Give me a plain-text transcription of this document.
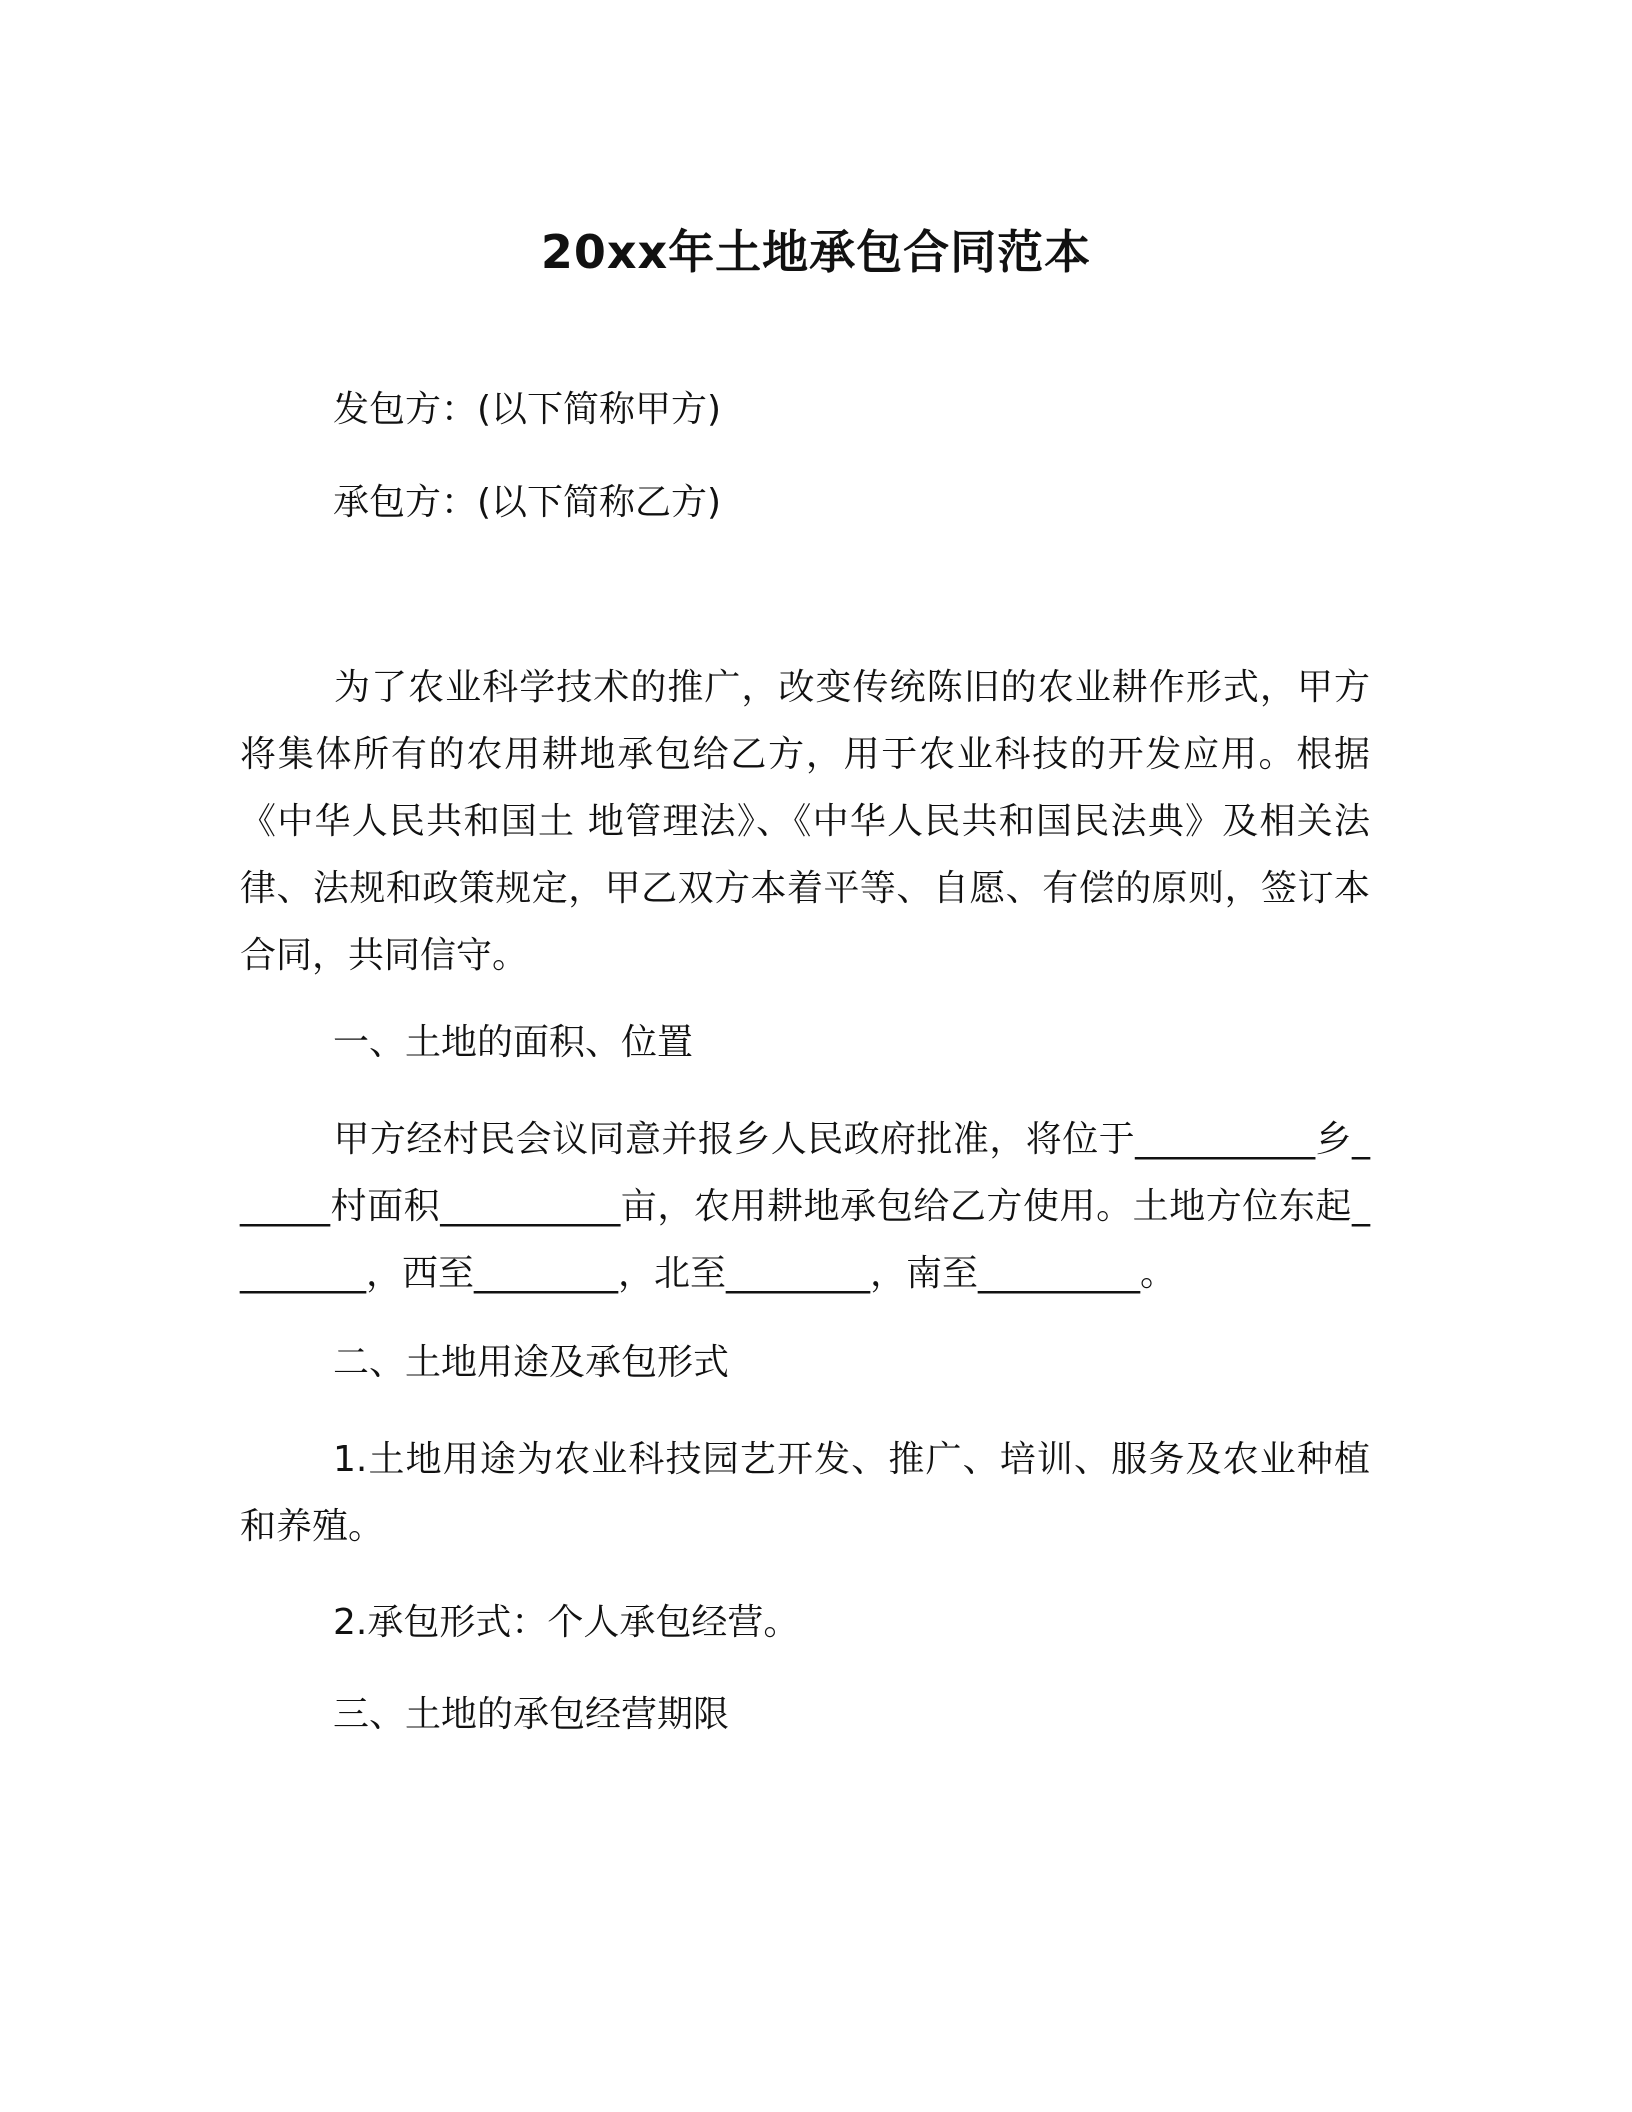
20xx年土地承包合同范本
发包方：(以下简称甲方)
承包方：(以下简称乙方)
为了农业科学技术的推广，改变传统陈旧的农业耕作形式，甲方将集体所有的农用耕地承包给乙方，用于农业科技的开发应用。根据《中华人民共和国土 地管理法》、《中华人民共和国民法典》及相关法律、法规和政策规定，甲乙双方本着平等、自愿、有偿的原则，签订本合同，共同信守。
一、土地的面积、位置
甲方经村民会议同意并报乡人民政府批准，将位于__________乡______村面积__________亩，农用耕地承包给乙方使用。土地方位东起________，西至________，北至________，南至_________。
二、土地用途及承包形式
1.土地用途为农业科技园艺开发、推广、培训、服务及农业种植和养殖。
2.承包形式：个人承包经营。
三、土地的承包经营期限
